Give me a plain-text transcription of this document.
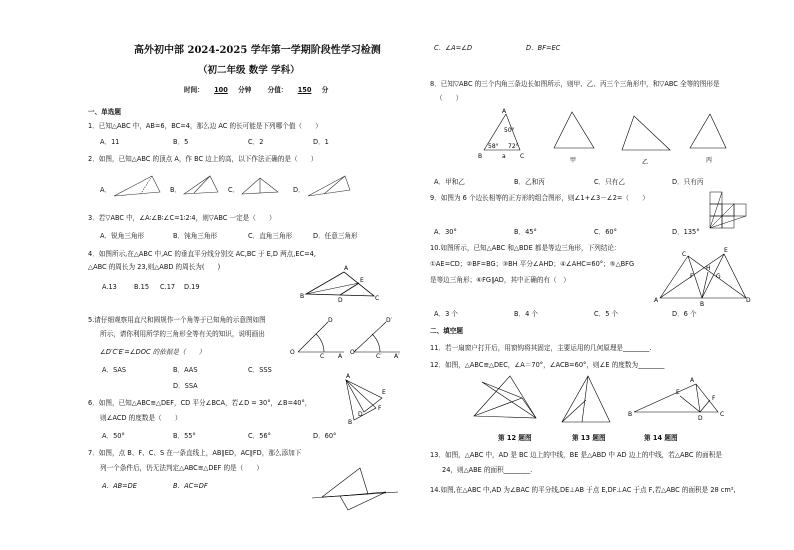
高外初中部 2024-2025 学年第一学期阶段性学习检测
（初二年级 数学 学科）
时间： 100 分钟 分值： 150 分
一、单选题
1．已知△ABC 中，AB=6，BC=4，那么边 AC 的长可能是下列哪个值（　　）
A．11	B．5	C．2	D．1
2．如图，已知△ABC 的顶点 A，作 BC 边上的高，以下作法正确的是（　　）
A．	B．	C．	D．
3．若▽ABC 中，∠A∶∠B∶∠C=1∶2∶4，则▽ABC 一定是（　　）
A．锐角三角形	B．钝角三角形	C．直角三角形	D．任意三角形
4．如图所示,在△ABC 中,AC 的垂直平分线分别交 AC,BC 于 E,D 两点,EC=4,
△ABC 的周长为 23,则△ABD 的周长为(　　)
A.13	B.15 C.17 D.19
A
B	C
D
E
5.请仔细观察用直尺和圆规作一个角等于已知角的示意图如图
所示，请你利用所学的三角形全等有关的知识，说明画出
∠D′C′E′=∠DOC 的依据是（　　）
A．SAS	B．AAS	C．SSS
D．SSA
O
D
C A
O′
D′
C′ A′
6．如图，已知△ABC≌△DEF，CD 平分∠BCA，若∠D = 30°，∠B=40°，
则∠ACD 的度数是（　　）
A．50°	B．55°	C．56°	D．60°
A
E
F
D
B
7．如图，点 B、F、C、S 在一条直线上，AB∥ED，AC∥FD，那么添加下
列一个条件后，仍无法判定△ABC≌△DEF 的是（　　）
A．AB=DE	B．AC=DF
C．∠A=∠D	D．BF=EC
8．已知▽ABC 的三个内角三条边长如图所示，则甲、乙、丙三个三角形中，和▽ABC 全等的图形是
（　　）
A
B	C
a
50°
58° 72°
甲	乙	丙
A．甲和乙	B．乙和丙	C．只有乙	D．只有丙
9．如图为 6 个边长相等的正方形的组合图形，则∠1+∠3－∠2=（　　）
A．30°	B．45°	C．60°	D．135°
10.如图所示，已知△ABC 和△BDE 都是等边三角形，下列结论：
①AE=CD；②BF=BG；③BH 平分∠AHD；④∠AHC=60°；⑤△BFG
是等边三角形；⑥FG∥AD，其中正确的有（　）
A
B
C
D
E
F	G
H
A．3 个	B．4 个	C．5 个	D．6 个
二、填空题
11．若一扇窗户打开后，用窗钩将其固定，主要运用的几何原理是________.
12．如图，△ABC≌△DEC，∠A＝70°，∠ACB=60°，则∠E 的度数为________
A
B	C
D
E
F
第 12 题图	第 13 题图	第 14 题图
13．如图，△ABC 中，AD 是 BC 边上的中线，BE 是△ABD 中 AD 边上的中线，若△ABC 的面积是
24，则△ABE 的面积________.
14.如图,在△ABC 中,AD 为∠BAC 的平分线,DE⊥AB 于点 E,DF⊥AC 于点 F,若△ABC 的面积是 28 cm²,
